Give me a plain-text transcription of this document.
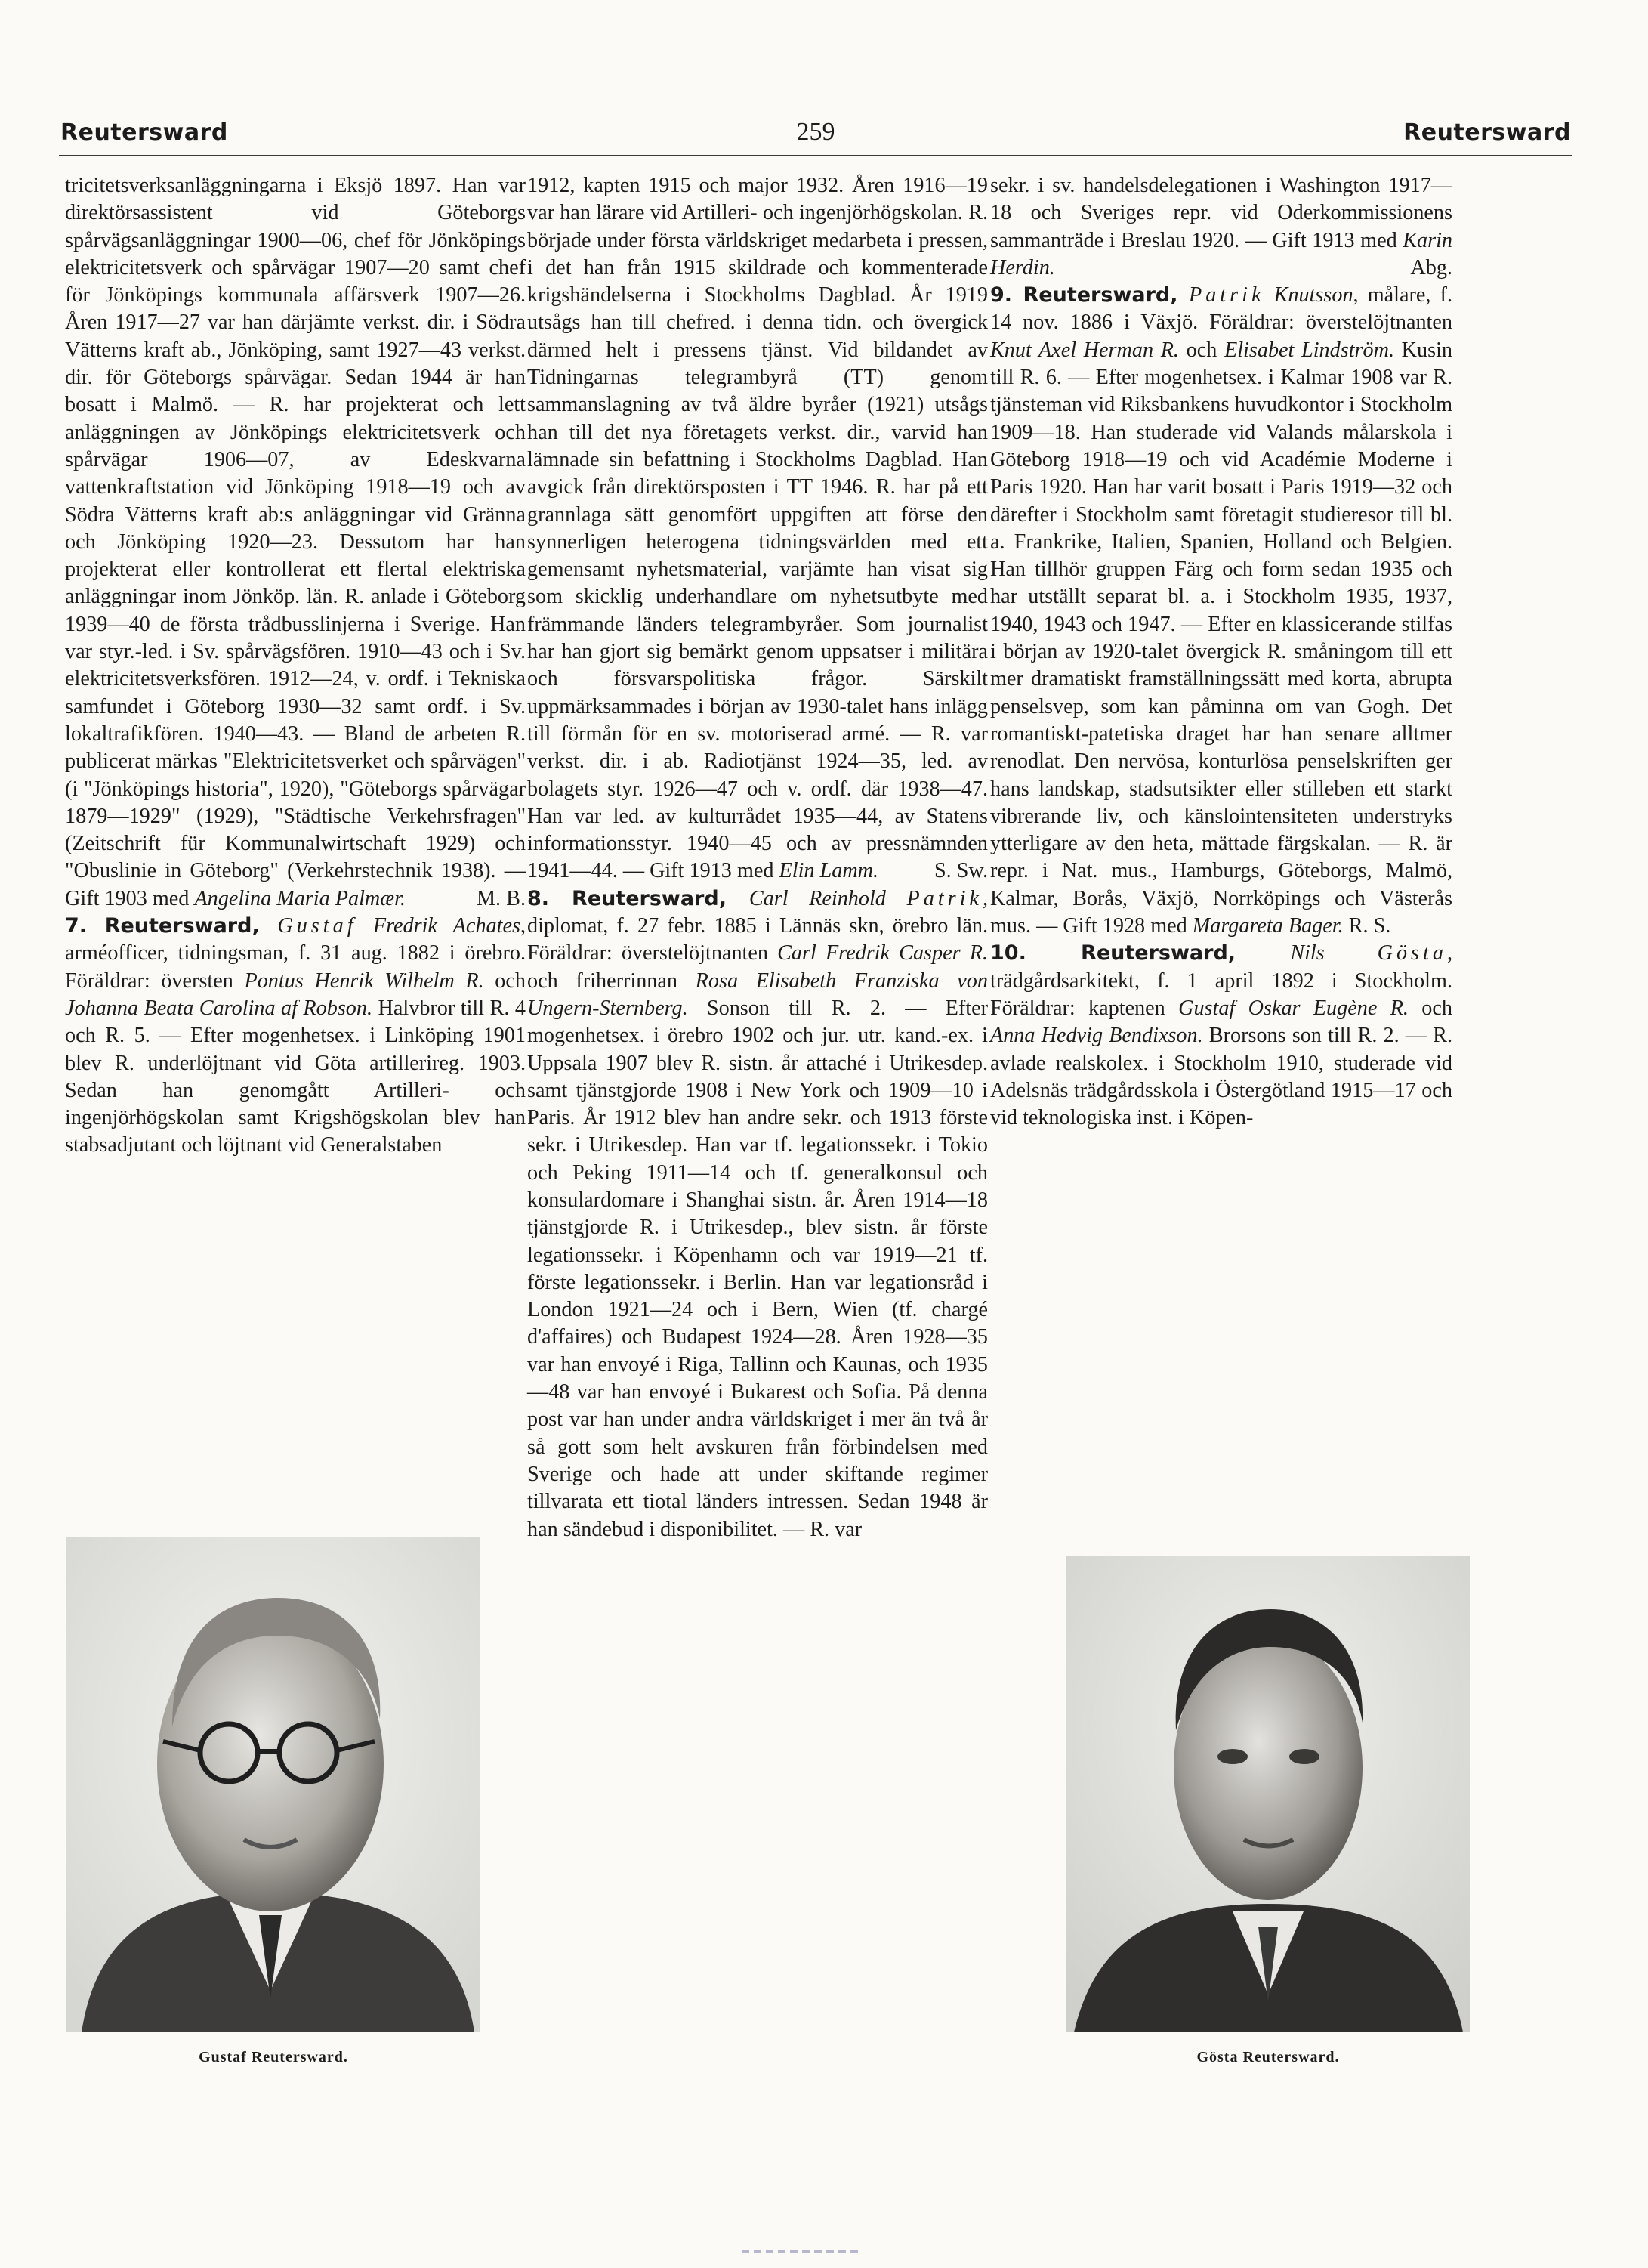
Reutersward	259	Reutersward
tricitetsverksanläggningarna i Eksjö 1897. Han var direktörsassistent vid Göteborgs spårvägsanläggningar 1900—06, chef för Jönköpings elektricitetsverk och spårvägar 1907—20 samt chef för Jönköpings kommunala affärsverk 1907—26. Åren 1917—27 var han därjämte verkst. dir. i Södra Vätterns kraft ab., Jönköping, samt 1927—43 verkst. dir. för Göteborgs spårvägar. Sedan 1944 är han bosatt i Malmö. — R. har projekterat och lett anläggningen av Jönköpings elektricitetsverk och spårvägar 1906—07, av Edeskvarna vattenkraftstation vid Jönköping 1918—19 och av Södra Vätterns kraft ab:s anläggningar vid Gränna och Jönköping 1920—23. Dessutom har han projekterat eller kontrollerat ett flertal elektriska anläggningar inom Jönköp. län. R. anlade i Göteborg 1939—40 de första trådbusslinjerna i Sverige. Han var styr.-led. i Sv. spårvägsfören. 1910—43 och i Sv. elektricitetsverksfören. 1912—24, v. ordf. i Tekniska samfundet i Göteborg 1930—32 samt ordf. i Sv. lokaltrafikfören. 1940—43. — Bland de arbeten R. publicerat märkas "Elektricitetsverket och spårvägen" (i "Jönköpings historia", 1920), "Göteborgs spårvägar 1879—1929" (1929), "Städtische Verkehrsfragen" (Zeitschrift für Kommunalwirtschaft 1929) och "Obuslinie in Göteborg" (Verkehrstechnik 1938). — Gift 1903 med Angelina Maria Palmær.	M. B.

7. Reutersward, Gustaf Fredrik Achates, arméofficer, tidningsman, f. 31 aug. 1882 i örebro. Föräldrar: översten Pontus Henrik Wilhelm R. och Johanna Beata Carolina af Robson. Halvbror till R. 4 och R. 5. — Efter mogenhetsex. i Linköping 1901 blev R. underlöjtnant vid Göta artillerireg. 1903. Sedan han genomgått Artilleri- och ingenjörhögskolan samt Krigshögskolan blev han stabsadjutant och löjtnant vid Generalstaben
1912, kapten 1915 och major 1932. Åren 1916—19 var han lärare vid Artilleri- och ingenjörhögskolan. R. började under första världskriget medarbeta i pressen, i det han från 1915 skildrade och kommenterade krigshändelserna i Stockholms Dagblad. År 1919 utsågs han till chefred. i denna tidn. och övergick därmed helt i pressens tjänst. Vid bildandet av Tidningarnas telegrambyrå (TT) genom sammanslagning av två äldre byråer (1921) utsågs han till det nya företagets verkst. dir., varvid han lämnade sin befattning i Stockholms Dagblad. Han avgick från direktörsposten i TT 1946. R. har på ett grannlaga sätt genomfört uppgiften att förse den synnerligen heterogena tidningsvärlden med ett gemensamt nyhetsmaterial, varjämte han visat sig som skicklig underhandlare om nyhetsutbyte med främmande länders telegrambyråer. Som journalist har han gjort sig bemärkt genom uppsatser i militära och försvarspolitiska frågor. Särskilt uppmärksammades i början av 1930-talet hans inlägg till förmån för en sv. motoriserad armé. — R. var verkst. dir. i ab. Radiotjänst 1924—35, led. av bolagets styr. 1926—47 och v. ordf. där 1938—47. Han var led. av kulturrådet 1935—44, av Statens informationsstyr. 1940—45 och av pressnämnden 1941—44. — Gift 1913 med Elin Lamm.	S. Sw.

8. Reutersward, Carl Reinhold Patrik, diplomat, f. 27 febr. 1885 i Lännäs skn, örebro län. Föräldrar: överstelöjtnanten Carl Fredrik Casper R. och friherrinnan Rosa Elisabeth Franziska von Ungern-Sternberg. Sonson till R. 2. — Efter mogenhetsex. i örebro 1902 och jur. utr. kand.-ex. i Uppsala 1907 blev R. sistn. år attaché i Utrikesdep. samt tjänstgjorde 1908 i New York och 1909—10 i Paris. År 1912 blev han andre sekr. och 1913 förste sekr. i Utrikesdep. Han var tf. legationssekr. i Tokio och Peking 1911—14 och tf. generalkonsul och konsulardomare i Shanghai sistn. år. Åren 1914—18 tjänstgjorde R. i Utrikesdep., blev sistn. år förste legationssekr. i Köpenhamn och var 1919—21 tf. förste legationssekr. i Berlin. Han var legationsråd i London 1921—24 och i Bern, Wien (tf. chargé d'affaires) och Budapest 1924—28. Åren 1928—35 var han envoyé i Riga, Tallinn och Kaunas, och 1935—48 var han envoyé i Bukarest och Sofia. På denna post var han under andra världskriget i mer än två år så gott som helt avskuren från förbindelsen med Sverige och hade att under skiftande regimer tillvarata ett tiotal länders intressen. Sedan 1948 är han sändebud i disponibilitet. — R. var
sekr. i sv. handelsdelegationen i Washington 1917—18 och Sveriges repr. vid Oderkommissionens sammanträde i Breslau 1920. — Gift 1913 med Karin Herdin.	Abg.

9. Reutersward, Patrik Knutsson, målare, f. 14 nov. 1886 i Växjö. Föräldrar: överstelöjtnanten Knut Axel Herman R. och Elisabet Lindström. Kusin till R. 6. — Efter mogenhetsex. i Kalmar 1908 var R. tjänsteman vid Riksbankens huvudkontor i Stockholm 1909—18. Han studerade vid Valands målarskola i Göteborg 1918—19 och vid Académie Moderne i Paris 1920. Han har varit bosatt i Paris 1919—32 och därefter i Stockholm samt företagit studieresor till bl. a. Frankrike, Italien, Spanien, Holland och Belgien. Han tillhör gruppen Färg och form sedan 1935 och har utställt separat bl. a. i Stockholm 1935, 1937, 1940, 1943 och 1947. — Efter en klassicerande stilfas i början av 1920-talet övergick R. småningom till ett mer dramatiskt framställningssätt med korta, abrupta penselsvep, som kan påminna om van Gogh. Det romantiskt-patetiska draget har han senare alltmer renodlat. Den nervösa, konturlösa penselskriften ger hans landskap, stadsutsikter eller stilleben ett starkt vibrerande liv, och känslointensiteten understryks ytterligare av den heta, mättade färgskalan. — R. är repr. i Nat. mus., Hamburgs, Göteborgs, Malmö, Kalmar, Borås, Växjö, Norrköpings och Västerås mus. — Gift 1928 med Margareta Bager. R. S.
10. Reutersward, Nils Gösta, trädgårdsarkitekt, f. 1 april 1892 i Stockholm. Föräldrar: kaptenen Gustaf Oskar Eugène R. och Anna Hedvig Bendixson. Brorsons son till R. 2. — R. avlade realskolex. i Stockholm 1910, studerade vid Adelsnäs trädgårdsskola i Östergötland 1915—17 och vid teknologiska inst. i Köpen-
Gustaf Reutersward.	Gösta Reutersward.
